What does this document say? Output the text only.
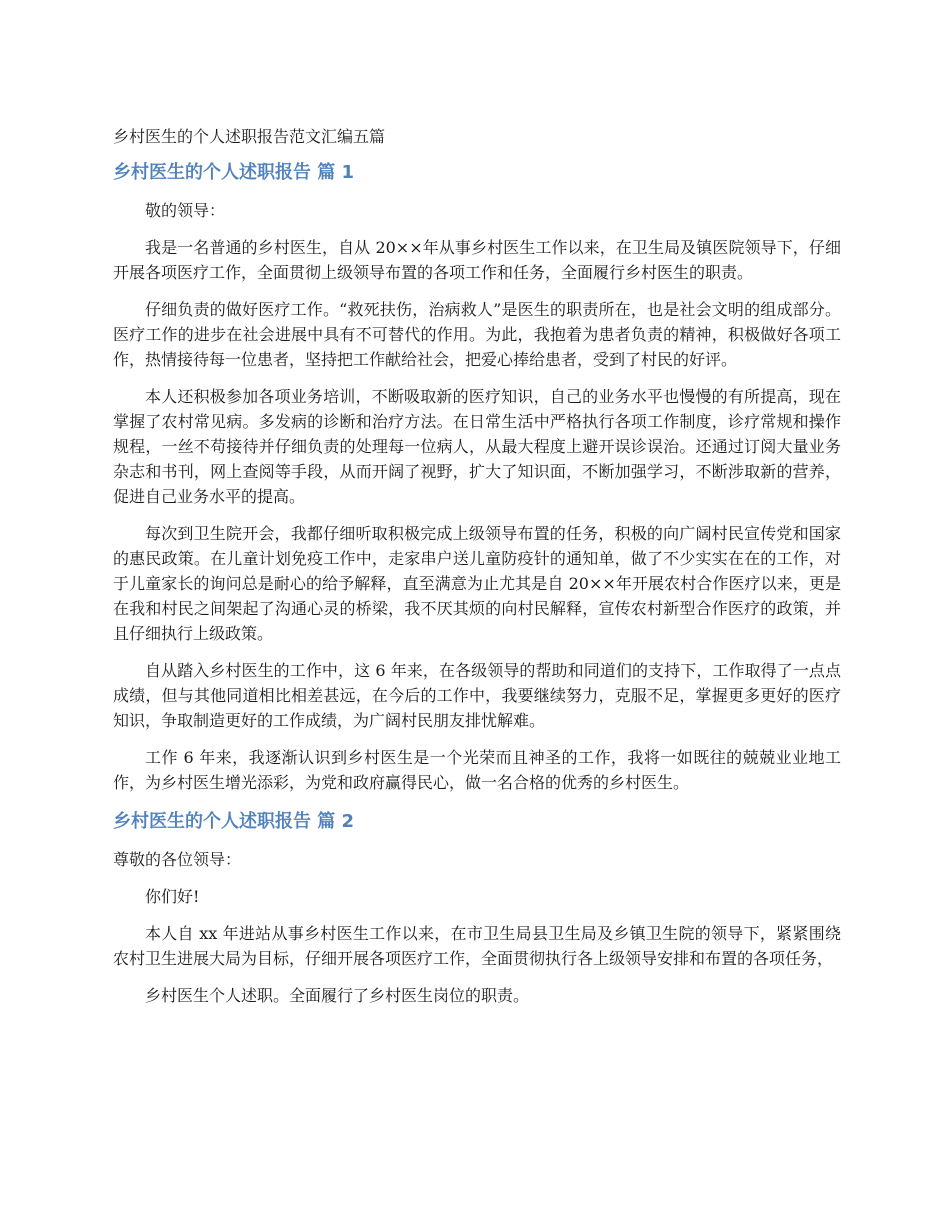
乡村医生的个人述职报告范文汇编五篇

乡村医生的个人述职报告 篇 1

敬的领导：

我是一名普通的乡村医生，自从 20××年从事乡村医生工作以来，在卫生局及镇医院领导下，仔细开展各项医疗工作，全面贯彻上级领导布置的各项工作和任务，全面履行乡村医生的职责。

仔细负责的做好医疗工作。“救死扶伤，治病救人”是医生的职责所在，也是社会文明的组成部分。医疗工作的进步在社会进展中具有不可替代的作用。为此，我抱着为患者负责的精神，积极做好各项工作，热情接待每一位患者，坚持把工作献给社会，把爱心捧给患者，受到了村民的好评。

本人还积极参加各项业务培训，不断吸取新的医疗知识，自己的业务水平也慢慢的有所提高，现在掌握了农村常见病。多发病的诊断和治疗方法。在日常生活中严格执行各项工作制度，诊疗常规和操作规程，一丝不苟接待并仔细负责的处理每一位病人，从最大程度上避开误诊误治。还通过订阅大量业务杂志和书刊，网上查阅等手段，从而开阔了视野，扩大了知识面，不断加强学习，不断涉取新的营养，促进自己业务水平的提高。

每次到卫生院开会，我都仔细听取积极完成上级领导布置的任务，积极的向广阔村民宣传党和国家的惠民政策。在儿童计划免疫工作中，走家串户送儿童防疫针的通知单，做了不少实实在在的工作，对于儿童家长的询问总是耐心的给予解释，直至满意为止尤其是自 20××年开展农村合作医疗以来，更是在我和村民之间架起了沟通心灵的桥梁，我不厌其烦的向村民解释，宣传农村新型合作医疗的政策，并且仔细执行上级政策。

自从踏入乡村医生的工作中，这 6 年来，在各级领导的帮助和同道们的支持下，工作取得了一点点成绩，但与其他同道相比相差甚远，在今后的工作中，我要继续努力，克服不足，掌握更多更好的医疗知识，争取制造更好的工作成绩，为广阔村民朋友排忧解难。

工作 6 年来，我逐渐认识到乡村医生是一个光荣而且神圣的工作，我将一如既往的兢兢业业地工作，为乡村医生增光添彩，为党和政府赢得民心，做一名合格的优秀的乡村医生。

乡村医生的个人述职报告 篇 2

尊敬的各位领导：

你们好!

本人自 xx 年进站从事乡村医生工作以来，在市卫生局县卫生局及乡镇卫生院的领导下，紧紧围绕农村卫生进展大局为目标，仔细开展各项医疗工作，全面贯彻执行各上级领导安排和布置的各项任务，

乡村医生个人述职。全面履行了乡村医生岗位的职责。
